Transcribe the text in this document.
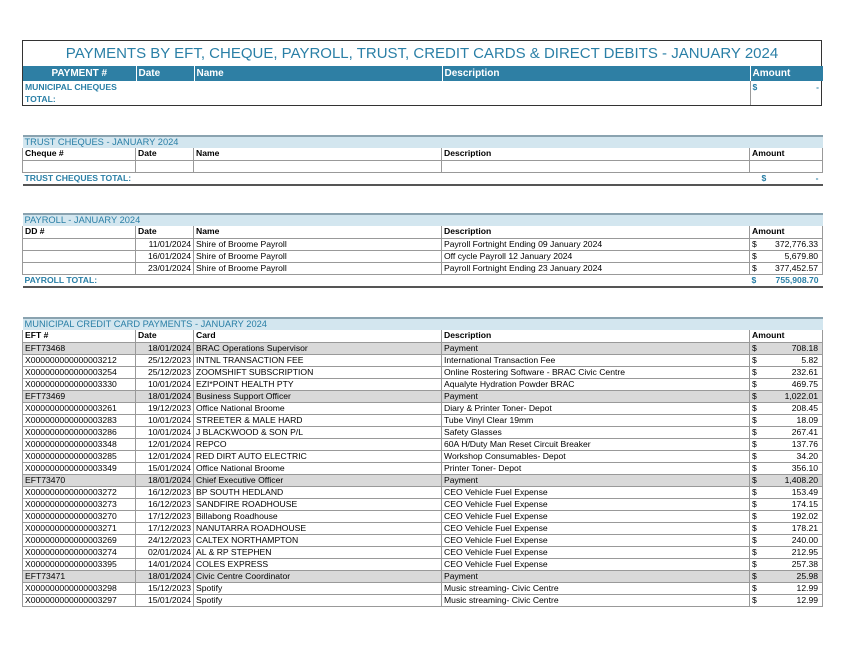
PAYMENTS BY EFT, CHEQUE, PAYROLL, TRUST, CREDIT CARDS & DIRECT DEBITS - JANUARY 2024
PAYMENT #	Date	Name	Description	Amount
MUNICIPAL CHEQUES				$ -

TOTAL:				
TRUST CHEQUES - JANUARY 2024				
Cheque #	Date	Name	Description	Amount

TRUST CHEQUES TOTAL:				$ -
PAYROLL - JANUARY 2024				
DD #	Date	Name	Description	Amount
	11/01/2024	Shire of Broome Payroll	Payroll Fortnight Ending 09 January 2024	$ 372,776.33

	16/01/2024	Shire of Broome Payroll	Off cycle Payroll 12 January 2024	$ 5,679.80

	23/01/2024	Shire of Broome Payroll	Payroll Fortnight Ending 23 January 2024	$ 377,452.57

PAYROLL TOTAL:				$ 755,908.70
MUNICIPAL CREDIT CARD PAYMENTS - JANUARY 2024				
EFT #	Date	Card	Description	Amount
EFT73468	18/01/2024	BRAC Operations Supervisor	Payment	$ 708.18

X000000000000003212	25/12/2023	INTNL TRANSACTION FEE	International Transaction Fee	$ 5.82

X000000000000003254	25/12/2023	ZOOMSHIFT SUBSCRIPTION	Online Rostering Software - BRAC Civic Centre	$ 232.61

X000000000000003330	10/01/2024	EZI*POINT HEALTH PTY	Aqualyte Hydration Powder BRAC	$ 469.75

EFT73469	18/01/2024	Business Support Officer	Payment	$ 1,022.01

X000000000000003261	19/12/2023	Office National Broome	Diary & Printer Toner- Depot	$ 208.45

X000000000000003283	10/01/2024	STREETER & MALE HARD	Tube Vinyl Clear 19mm	$ 18.09

X000000000000003286	10/01/2024	J BLACKWOOD & SON P/L	Safety Glasses	$ 267.41

X000000000000003348	12/01/2024	REPCO	60A H/Duty Man Reset Circuit Breaker	$ 137.76

X000000000000003285	12/01/2024	RED DIRT AUTO ELECTRIC	Workshop Consumables- Depot	$ 34.20

X000000000000003349	15/01/2024	Office National Broome	Printer Toner- Depot	$ 356.10

EFT73470	18/01/2024	Chief Executive Officer	Payment	$ 1,408.20

X000000000000003272	16/12/2023	BP SOUTH HEDLAND	CEO Vehicle Fuel Expense	$ 153.49

X000000000000003273	16/12/2023	SANDFIRE ROADHOUSE	CEO Vehicle Fuel Expense	$ 174.15

X000000000000003270	17/12/2023	Billabong Roadhouse	CEO Vehicle Fuel Expense	$ 192.02

X000000000000003271	17/12/2023	NANUTARRA ROADHOUSE	CEO Vehicle Fuel Expense	$ 178.21

X000000000000003269	24/12/2023	CALTEX NORTHAMPTON	CEO Vehicle Fuel Expense	$ 240.00

X000000000000003274	02/01/2024	AL & RP STEPHEN	CEO Vehicle Fuel Expense	$ 212.95

X000000000000003395	14/01/2024	COLES EXPRESS	CEO Vehicle Fuel Expense	$ 257.38

EFT73471	18/01/2024	Civic Centre Coordinator	Payment	$ 25.98

X000000000000003298	15/12/2023	Spotify	Music streaming- Civic Centre	$ 12.99

X000000000000003297	15/01/2024	Spotify	Music streaming- Civic Centre	$ 12.99
